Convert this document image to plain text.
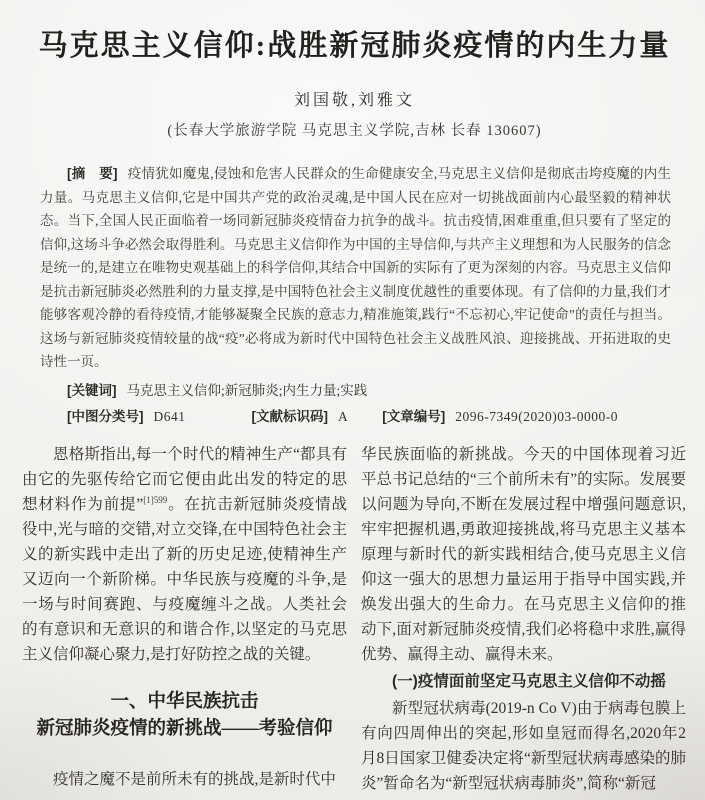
马克思主义信仰:战胜新冠肺炎疫情的内生力量
刘国敬,刘雅文
(长春大学旅游学院 马克思主义学院,吉林 长春 130607)
[摘　要] 疫情犹如魔鬼,侵蚀和危害人民群众的生命健康安全,马克思主义信仰是彻底击垮疫魔的内生力量。马克思主义信仰,它是中国共产党的政治灵魂,是中国人民在应对一切挑战面前内心最坚毅的精神状态。当下,全国人民正面临着一场同新冠肺炎疫情奋力抗争的战斗。抗击疫情,困难重重,但只要有了坚定的信仰,这场斗争必然会取得胜利。马克思主义信仰作为中国的主导信仰,与共产主义理想和为人民服务的信念是统一的,是建立在唯物史观基础上的科学信仰,其结合中国新的实际有了更为深刻的内容。马克思主义信仰是抗击新冠肺炎必然胜利的力量支撑,是中国特色社会主义制度优越性的重要体现。有了信仰的力量,我们才能够客观冷静的看待疫情,才能够凝聚全民族的意志力,精准施策,践行“不忘初心,牢记使命”的责任与担当。这场与新冠肺炎疫情较量的战“疫”必将成为新时代中国特色社会主义战胜风浪、迎接挑战、开拓进取的史诗性一页。
[关键词] 马克思主义信仰;新冠肺炎;内生力量;实践
[中图分类号] D641	[文献标识码] A	[文章编号] 2096-7349(2020)03-0000-0

恩格斯指出,每一个时代的精神生产“都具有由它的先驱传给它而它便由此出发的特定的思想材料作为前提”$^{[1]599}$。在抗击新冠肺炎疫情战役中,光与暗的交错,对立交锋,在中国特色社会主义的新实践中走出了新的历史足迹,使精神生产又迈向一个新阶梯。中华民族与疫魔的斗争,是一场与时间赛跑、与疫魔缠斗之战。人类社会的有意识和无意识的和谐合作,以坚定的马克思主义信仰凝心聚力,是打好防控之战的关键。

一、中华民族抗击
新冠肺炎疫情的新挑战——考验信仰

疫情之魔不是前所未有的挑战,是新时代中

华民族面临的新挑战。今天的中国体现着习近平总书记总结的“三个前所未有”的实际。发展要以问题为导向,不断在发展过程中增强问题意识,牢牢把握机遇,勇敢迎接挑战,将马克思主义基本原理与新时代的新实践相结合,使马克思主义信仰这一强大的思想力量运用于指导中国实践,并焕发出强大的生命力。在马克思主义信仰的推动下,面对新冠肺炎疫情,我们必将稳中求胜,赢得优势、赢得主动、赢得未来。

(一)疫情面前坚定马克思主义信仰不动摇

新型冠状病毒(2019-n Co V)由于病毒包膜上有向四周伸出的突起,形如皇冠而得名,2020年2月8日国家卫健委决定将“新型冠状病毒感染的肺炎”暂命名为“新型冠状病毒肺炎”,简称“新冠
